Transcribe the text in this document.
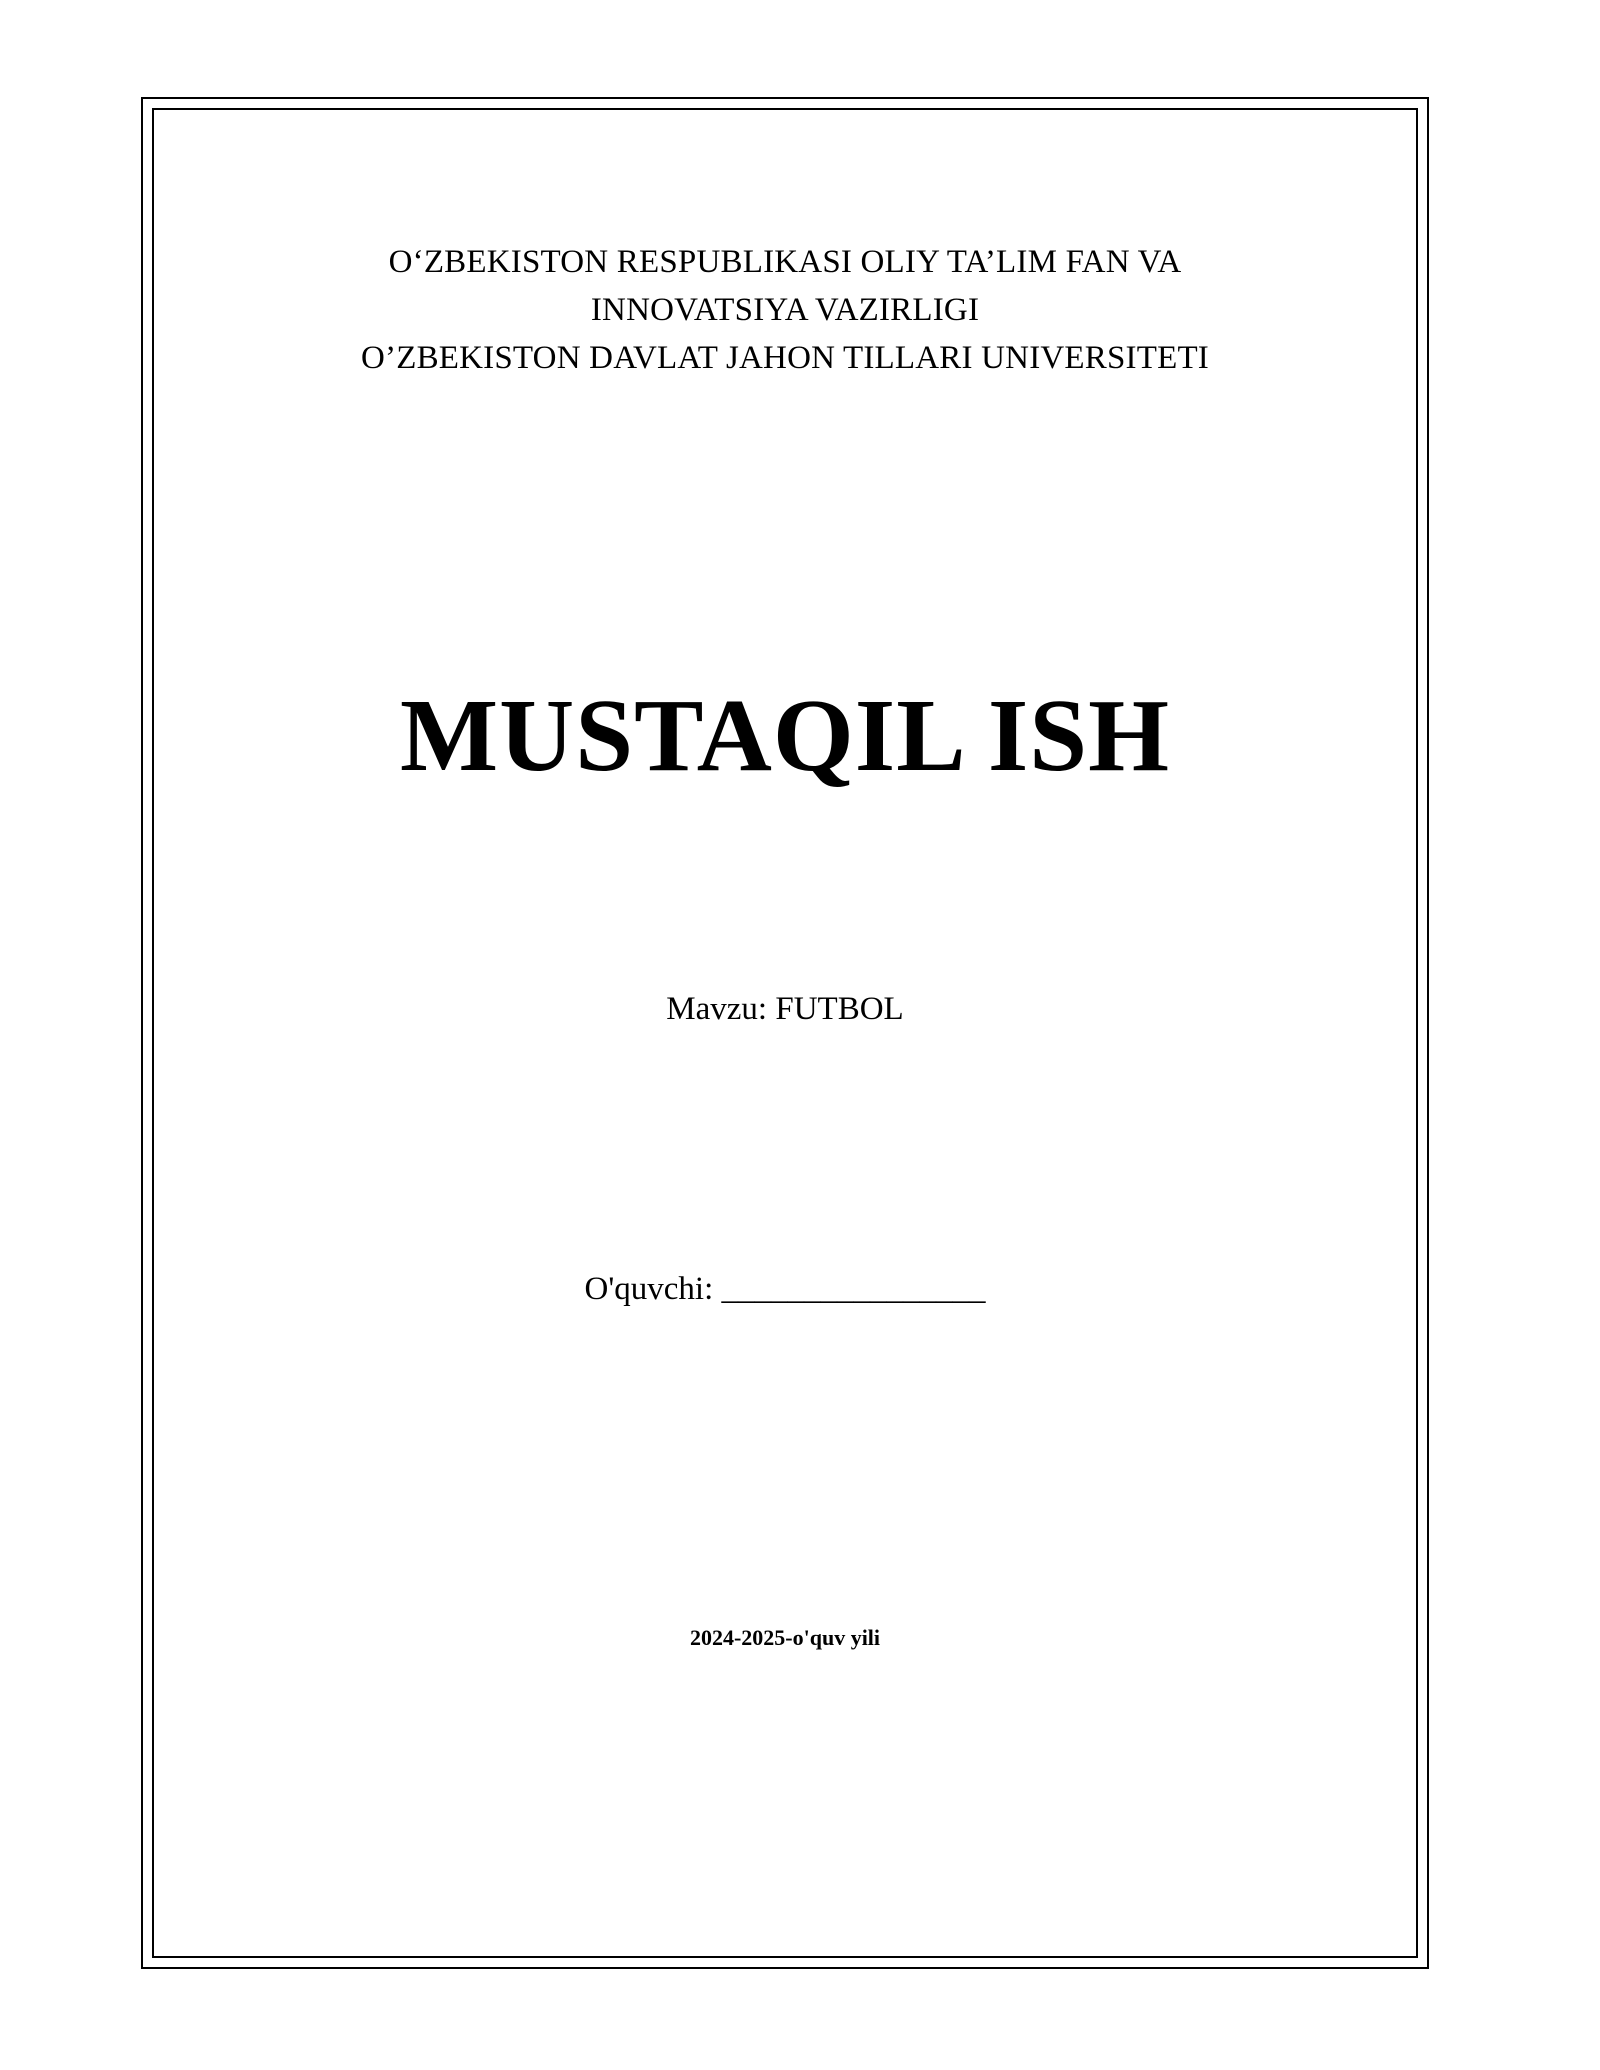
O‘ZBEKISTON RESPUBLIKASI OLIY TA’LIM FAN VA
INNOVATSIYA VAZIRLIGI
O’ZBEKISTON DAVLAT JAHON TILLARI UNIVERSITETI
MUSTAQIL ISH
Mavzu: FUTBOL
O'quvchi: ________________
2024-2025-o'quv yili
